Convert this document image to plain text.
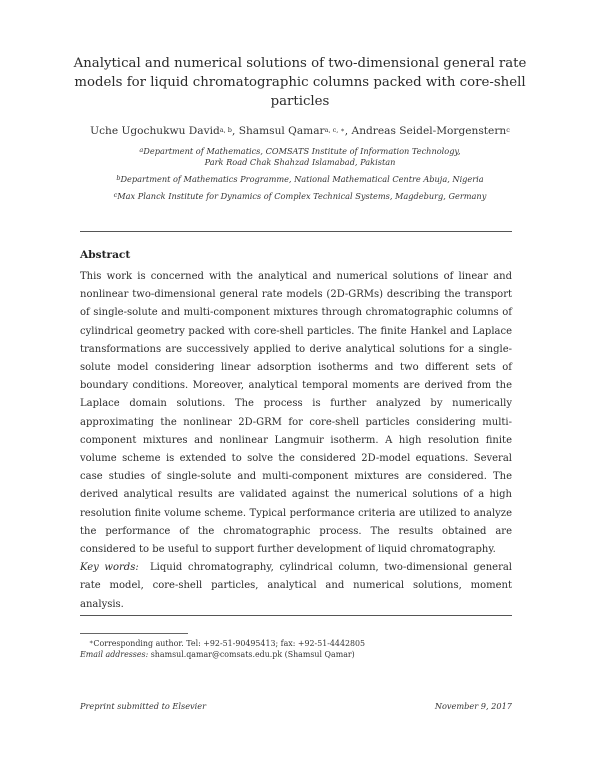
Analytical and numerical solutions of two-dimensional general rate
models for liquid chromatographic columns packed with core-shell
particles
Uche Ugochukwu David$^{a, b}$, Shamsul Qamar$^{a, c, ∗}$, Andreas Seidel-Morgenstern$^c$
$^a$Department of Mathematics, COMSATS Institute of Information Technology,
Park Road Chak Shahzad Islamabad, Pakistan
$^b$Department of Mathematics Programme, National Mathematical Centre Abuja, Nigeria
$^c$Max Planck Institute for Dynamics of Complex Technical Systems, Magdeburg, Germany
Abstract
This work is concerned with the analytical and numerical solutions of linear and nonlinear two-dimensional general rate models (2D-GRMs) describing the transport of single-solute and multi-component mixtures through chromatographic columns of cylindrical geometry packed with core-shell particles. The finite Hankel and Laplace transformations are successively applied to derive analytical solutions for a single-solute model considering linear adsorption isotherms and two different sets of boundary conditions. Moreover, analytical temporal moments are derived from the Laplace domain solutions. The process is further analyzed by numerically approximating the nonlinear 2D-GRM for core-shell particles considering multi-component mixtures and nonlinear Langmuir isotherm. A high resolution finite volume scheme is extended to solve the considered 2D-model equations. Several case studies of single-solute and multi-component mixtures are considered. The derived analytical results are validated against the numerical solutions of a high resolution finite volume scheme. Typical performance criteria are utilized to analyze the performance of the chromatographic process. The results obtained are considered to be useful to support further development of liquid chromatography.
Key words: Liquid chromatography, cylindrical column, two-dimensional general rate model, core-shell particles, analytical and numerical solutions, moment analysis.
∗Corresponding author. Tel: +92-51-90495413; fax: +92-51-4442805
Email addresses: shamsul.qamar@comsats.edu.pk (Shamsul Qamar)
Preprint submitted to Elsevier	November 9, 2017
